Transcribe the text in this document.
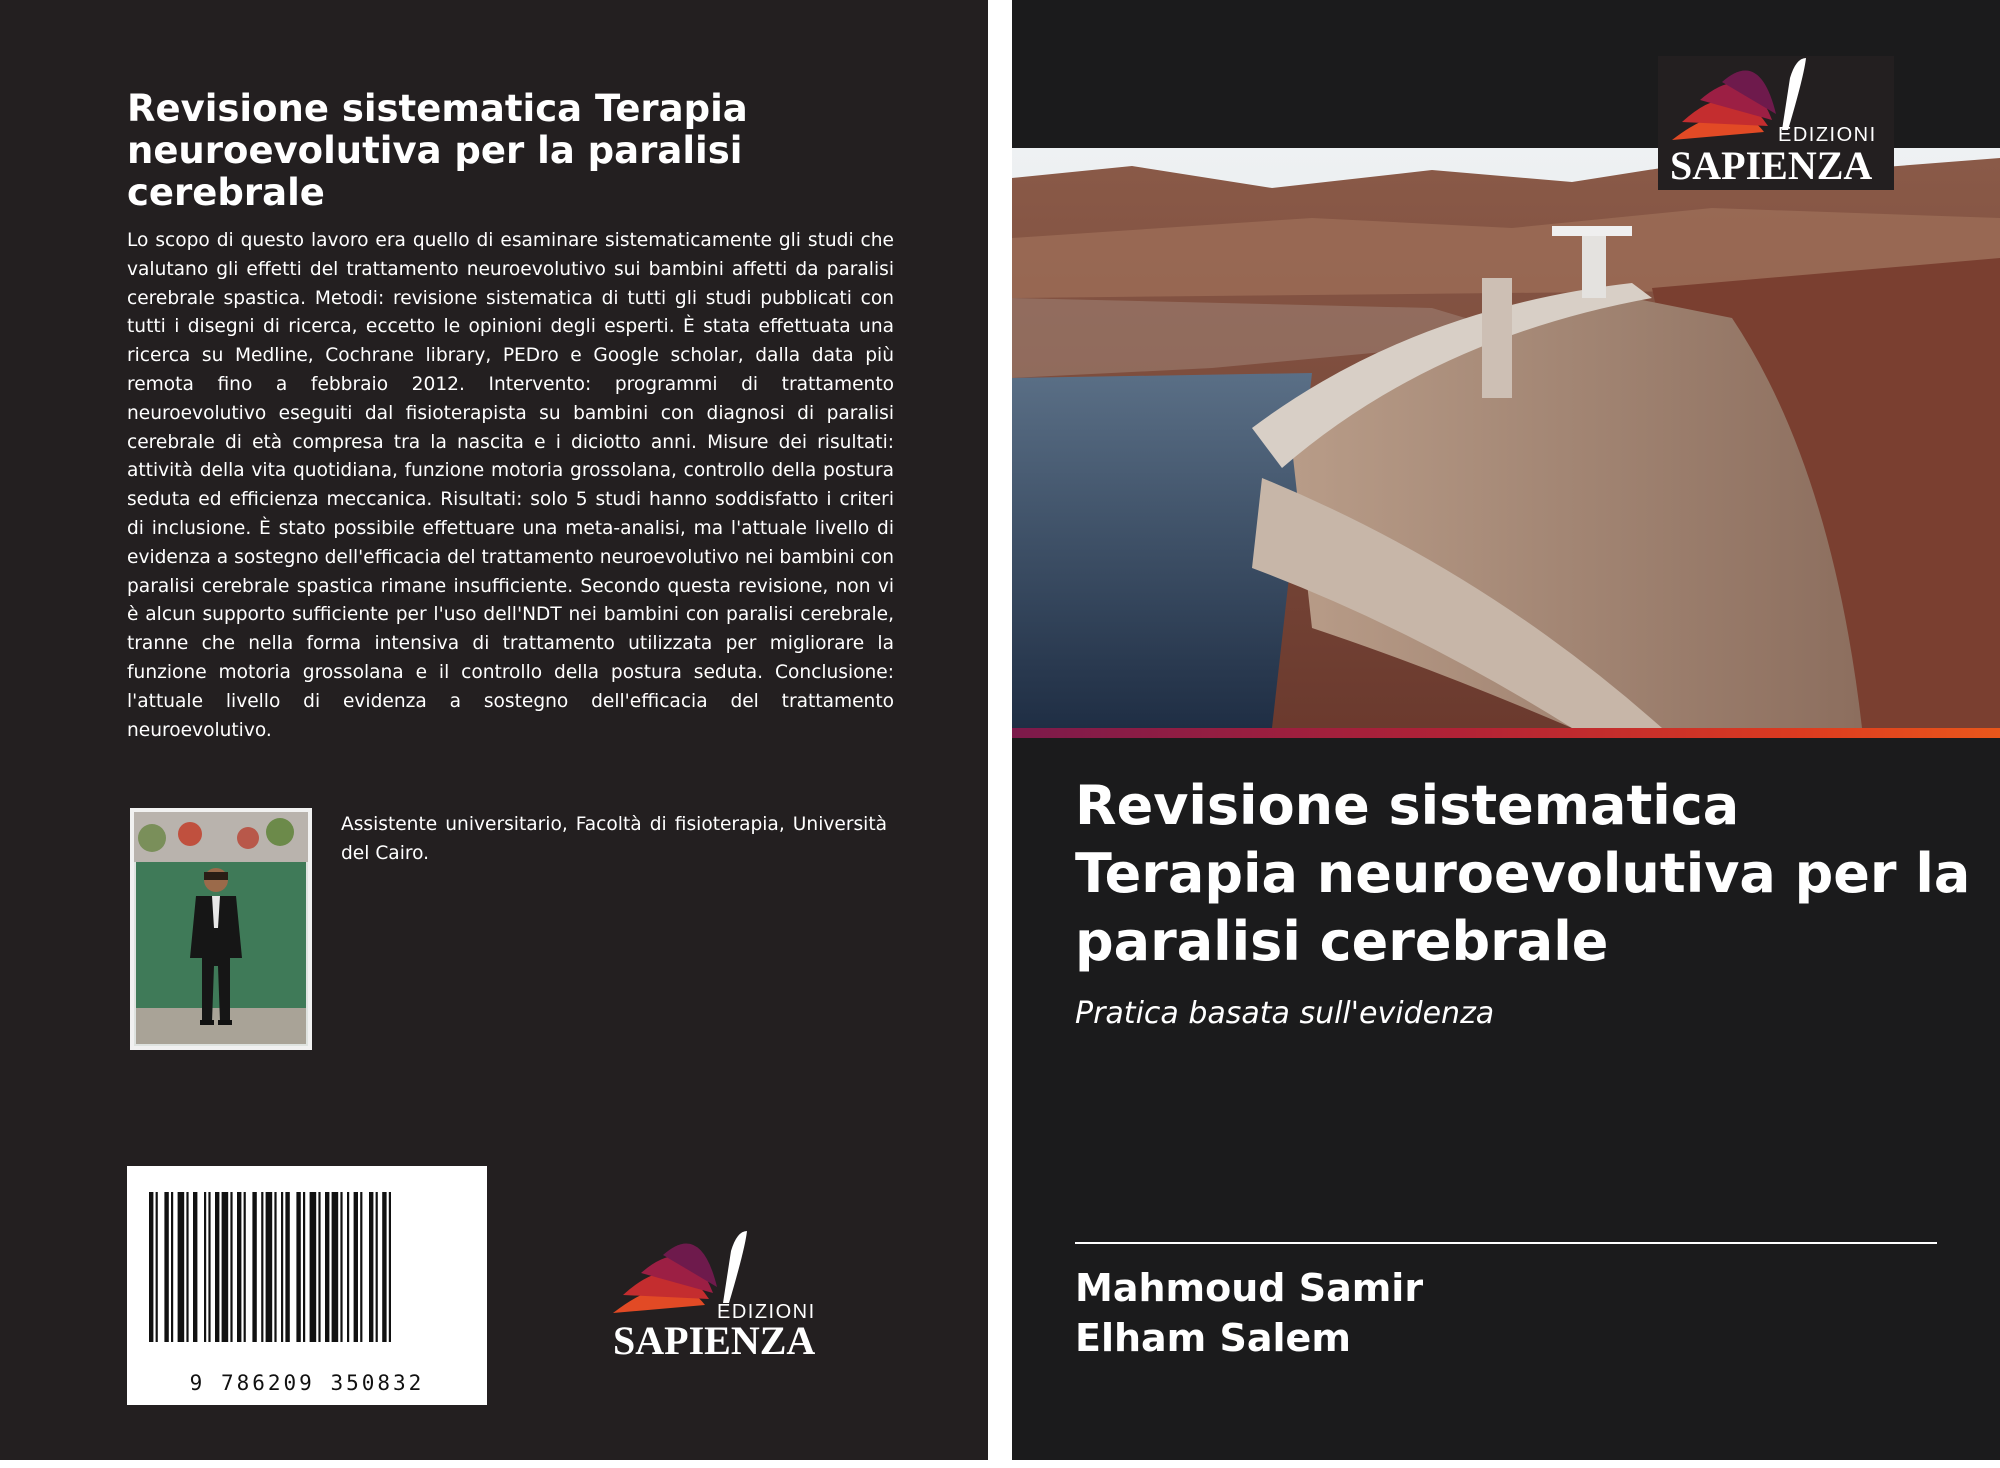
Revisione sistematica Terapia neuroevolutiva per la paralisi cerebrale

Lo scopo di questo lavoro era quello di esaminare sistematicamente gli studi che valutano gli effetti del trattamento neuroevolutivo sui bambini affetti da paralisi cerebrale spastica. Metodi: revisione sistematica di tutti gli studi pubblicati con tutti i disegni di ricerca, eccetto le opinioni degli esperti. È stata effettuata una ricerca su Medline, Cochrane library, PEDro e Google scholar, dalla data più remota fino a febbraio 2012. Intervento: programmi di trattamento neuroevolutivo eseguiti dal fisioterapista su bambini con diagnosi di paralisi cerebrale di età compresa tra la nascita e i diciotto anni. Misure dei risultati: attività della vita quotidiana, funzione motoria grossolana, controllo della postura seduta ed efficienza meccanica. Risultati: solo 5 studi hanno soddisfatto i criteri di inclusione. È stato possibile effettuare una meta-analisi, ma l'attuale livello di evidenza a sostegno dell'efficacia del trattamento neuroevolutivo nei bambini con paralisi cerebrale spastica rimane insufficiente. Secondo questa revisione, non vi è alcun supporto sufficiente per l'uso dell'NDT nei bambini con paralisi cerebrale, tranne che nella forma intensiva di trattamento utilizzata per migliorare la funzione motoria grossolana e il controllo della postura seduta. Conclusione: l'attuale livello di evidenza a sostegno dell'efficacia del trattamento neuroevolutivo.

Assistente universitario, Facoltà di fisioterapia, Università del Cairo.

9 786209 350832
EDIZIONI
SAPIENZA
EDIZIONI
SAPIENZA
Revisione sistematica Terapia neuroevolutiva per la paralisi cerebrale

Pratica basata sull'evidenza

Mahmoud Samir

Elham Salem
